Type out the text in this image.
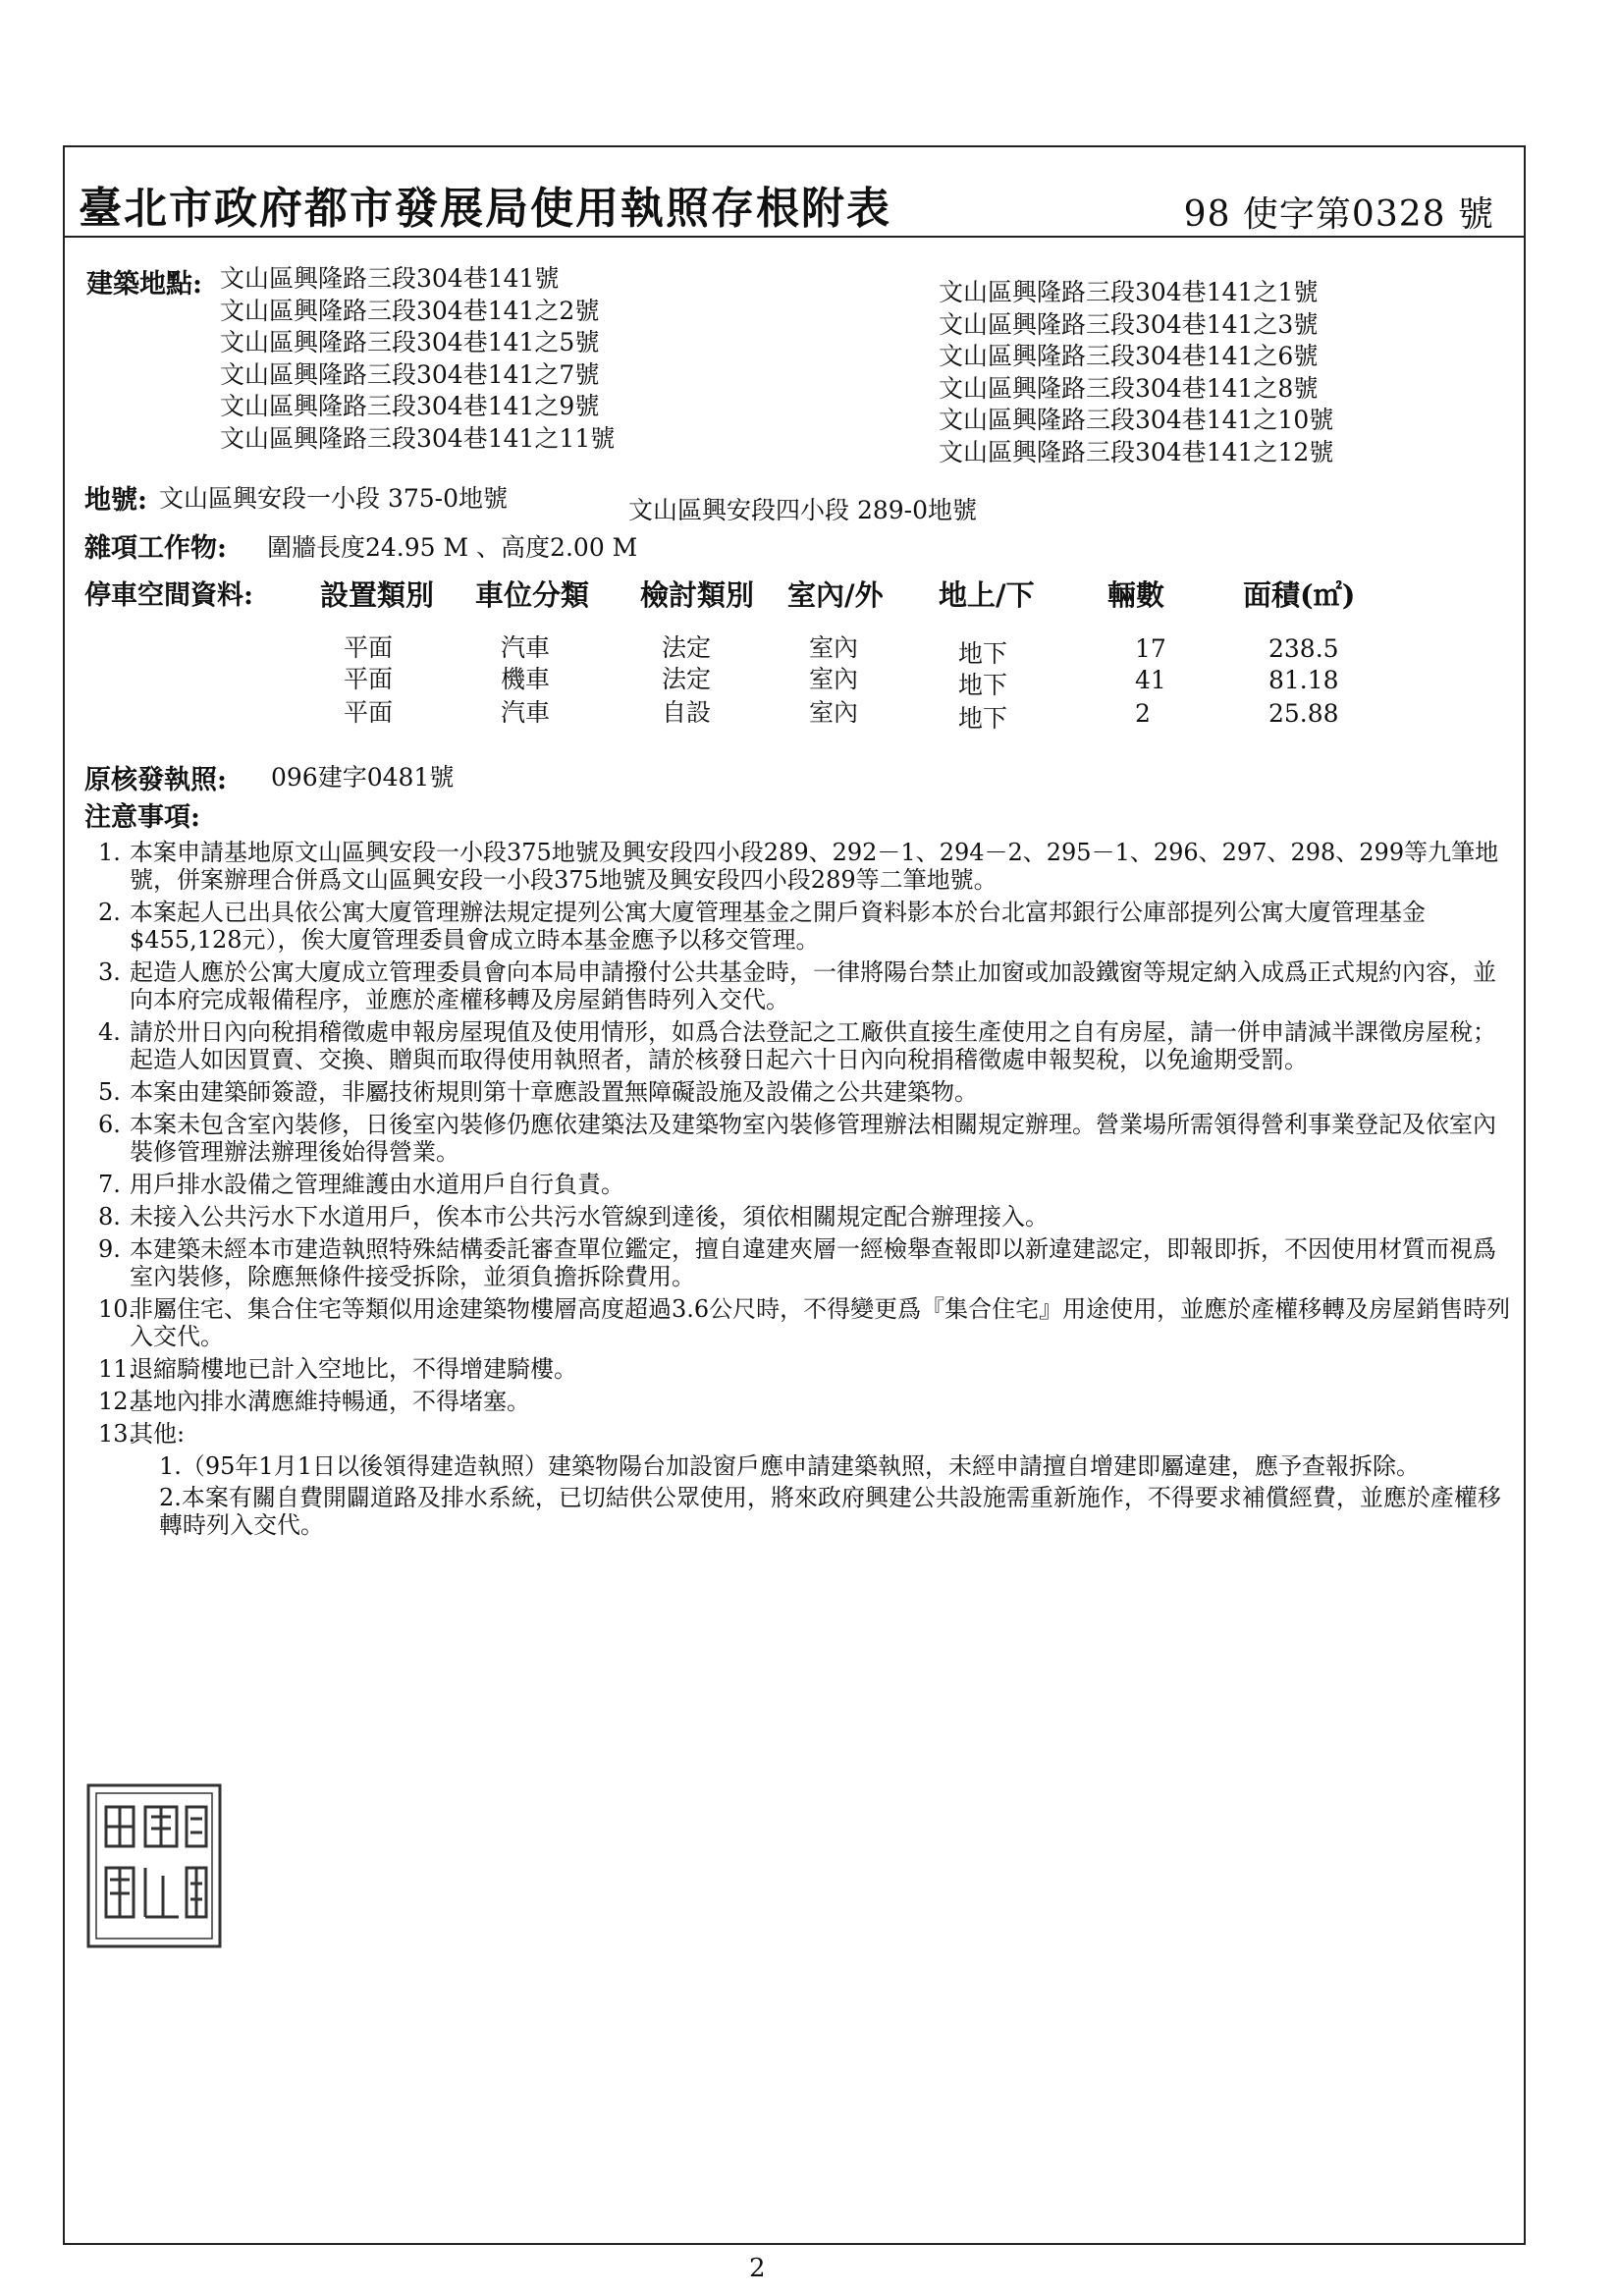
臺北市政府都市發展局使用執照存根附表	98 使字第0328 號
建築地點: 文山區興隆路三段304巷141號
文山區興隆路三段304巷141之2號
文山區興隆路三段304巷141之5號
文山區興隆路三段304巷141之7號
文山區興隆路三段304巷141之9號
文山區興隆路三段304巷141之11號
文山區興隆路三段304巷141之1號
文山區興隆路三段304巷141之3號
文山區興隆路三段304巷141之6號
文山區興隆路三段304巷141之8號
文山區興隆路三段304巷141之10號
文山區興隆路三段304巷141之12號
地號: 文山區興安段一小段 375-0地號	文山區興安段四小段 289-0地號
雜項工作物: 圍牆長度24.95 M 、高度2.00 M
停車空間資料: 設置類別 車位分類 檢討類別 室內/外 地上/下	輛數	面積(㎡)
平面	汽車	法定	室內	地下	17	238.5
平面	機車	法定	室內	地下	41	81.18
平面	汽車	自設	室內	地下	2	25.88
原核發執照: 096建字0481號
注意事項:
1. 本案申請基地原文山區興安段一小段375地號及興安段四小段289、292－1、294－2、295－1、296、297、298、299等九筆地號，併案辦理合併爲文山區興安段一小段375地號及興安段四小段289等二筆地號。
2. 本案起人已出具依公寓大廈管理辦法規定提列公寓大廈管理基金之開戶資料影本於台北富邦銀行公庫部提列公寓大廈管理基金$455,128元），俟大廈管理委員會成立時本基金應予以移交管理。
3. 起造人應於公寓大廈成立管理委員會向本局申請撥付公共基金時，一律將陽台禁止加窗或加設鐵窗等規定納入成爲正式規約內容，並向本府完成報備程序，並應於產權移轉及房屋銷售時列入交代。
4. 請於卅日內向稅捐稽徵處申報房屋現值及使用情形，如爲合法登記之工廠供直接生產使用之自有房屋，請一併申請減半課徵房屋稅；起造人如因買賣、交換、贈與而取得使用執照者，請於核發日起六十日內向稅捐稽徵處申報契稅，以免逾期受罰。
5. 本案由建築師簽證，非屬技術規則第十章應設置無障礙設施及設備之公共建築物。
6. 本案未包含室內裝修，日後室內裝修仍應依建築法及建築物室內裝修管理辦法相關規定辦理。營業場所需領得營利事業登記及依室內裝修管理辦法辦理後始得營業。
7. 用戶排水設備之管理維護由水道用戶自行負責。
8. 未接入公共污水下水道用戶，俟本市公共污水管線到達後，須依相關規定配合辦理接入。
9. 本建築未經本市建造執照特殊結構委託審查單位鑑定，擅自違建夾層一經檢舉查報即以新違建認定，即報即拆，不因使用材質而視爲室內裝修，除應無條件接受拆除，並須負擔拆除費用。
10.
非屬住宅、集合住宅等類似用途建築物樓層高度超過3.6公尺時，不得變更爲『集合住宅』用途使用，並應於產權移轉及房屋銷售時列入交代。
11.
退縮騎樓地已計入空地比，不得增建騎樓。
12.
基地內排水溝應維持暢通，不得堵塞。
13.
其他:
1.（95年1月1日以後領得建造執照）建築物陽台加設窗戶應申請建築執照，未經申請擅自增建即屬違建，應予查報拆除。
2.本案有關自費開闢道路及排水系統，已切結供公眾使用，將來政府興建公共設施需重新施作，不得要求補償經費，並應於產權移轉時列入交代。
2
